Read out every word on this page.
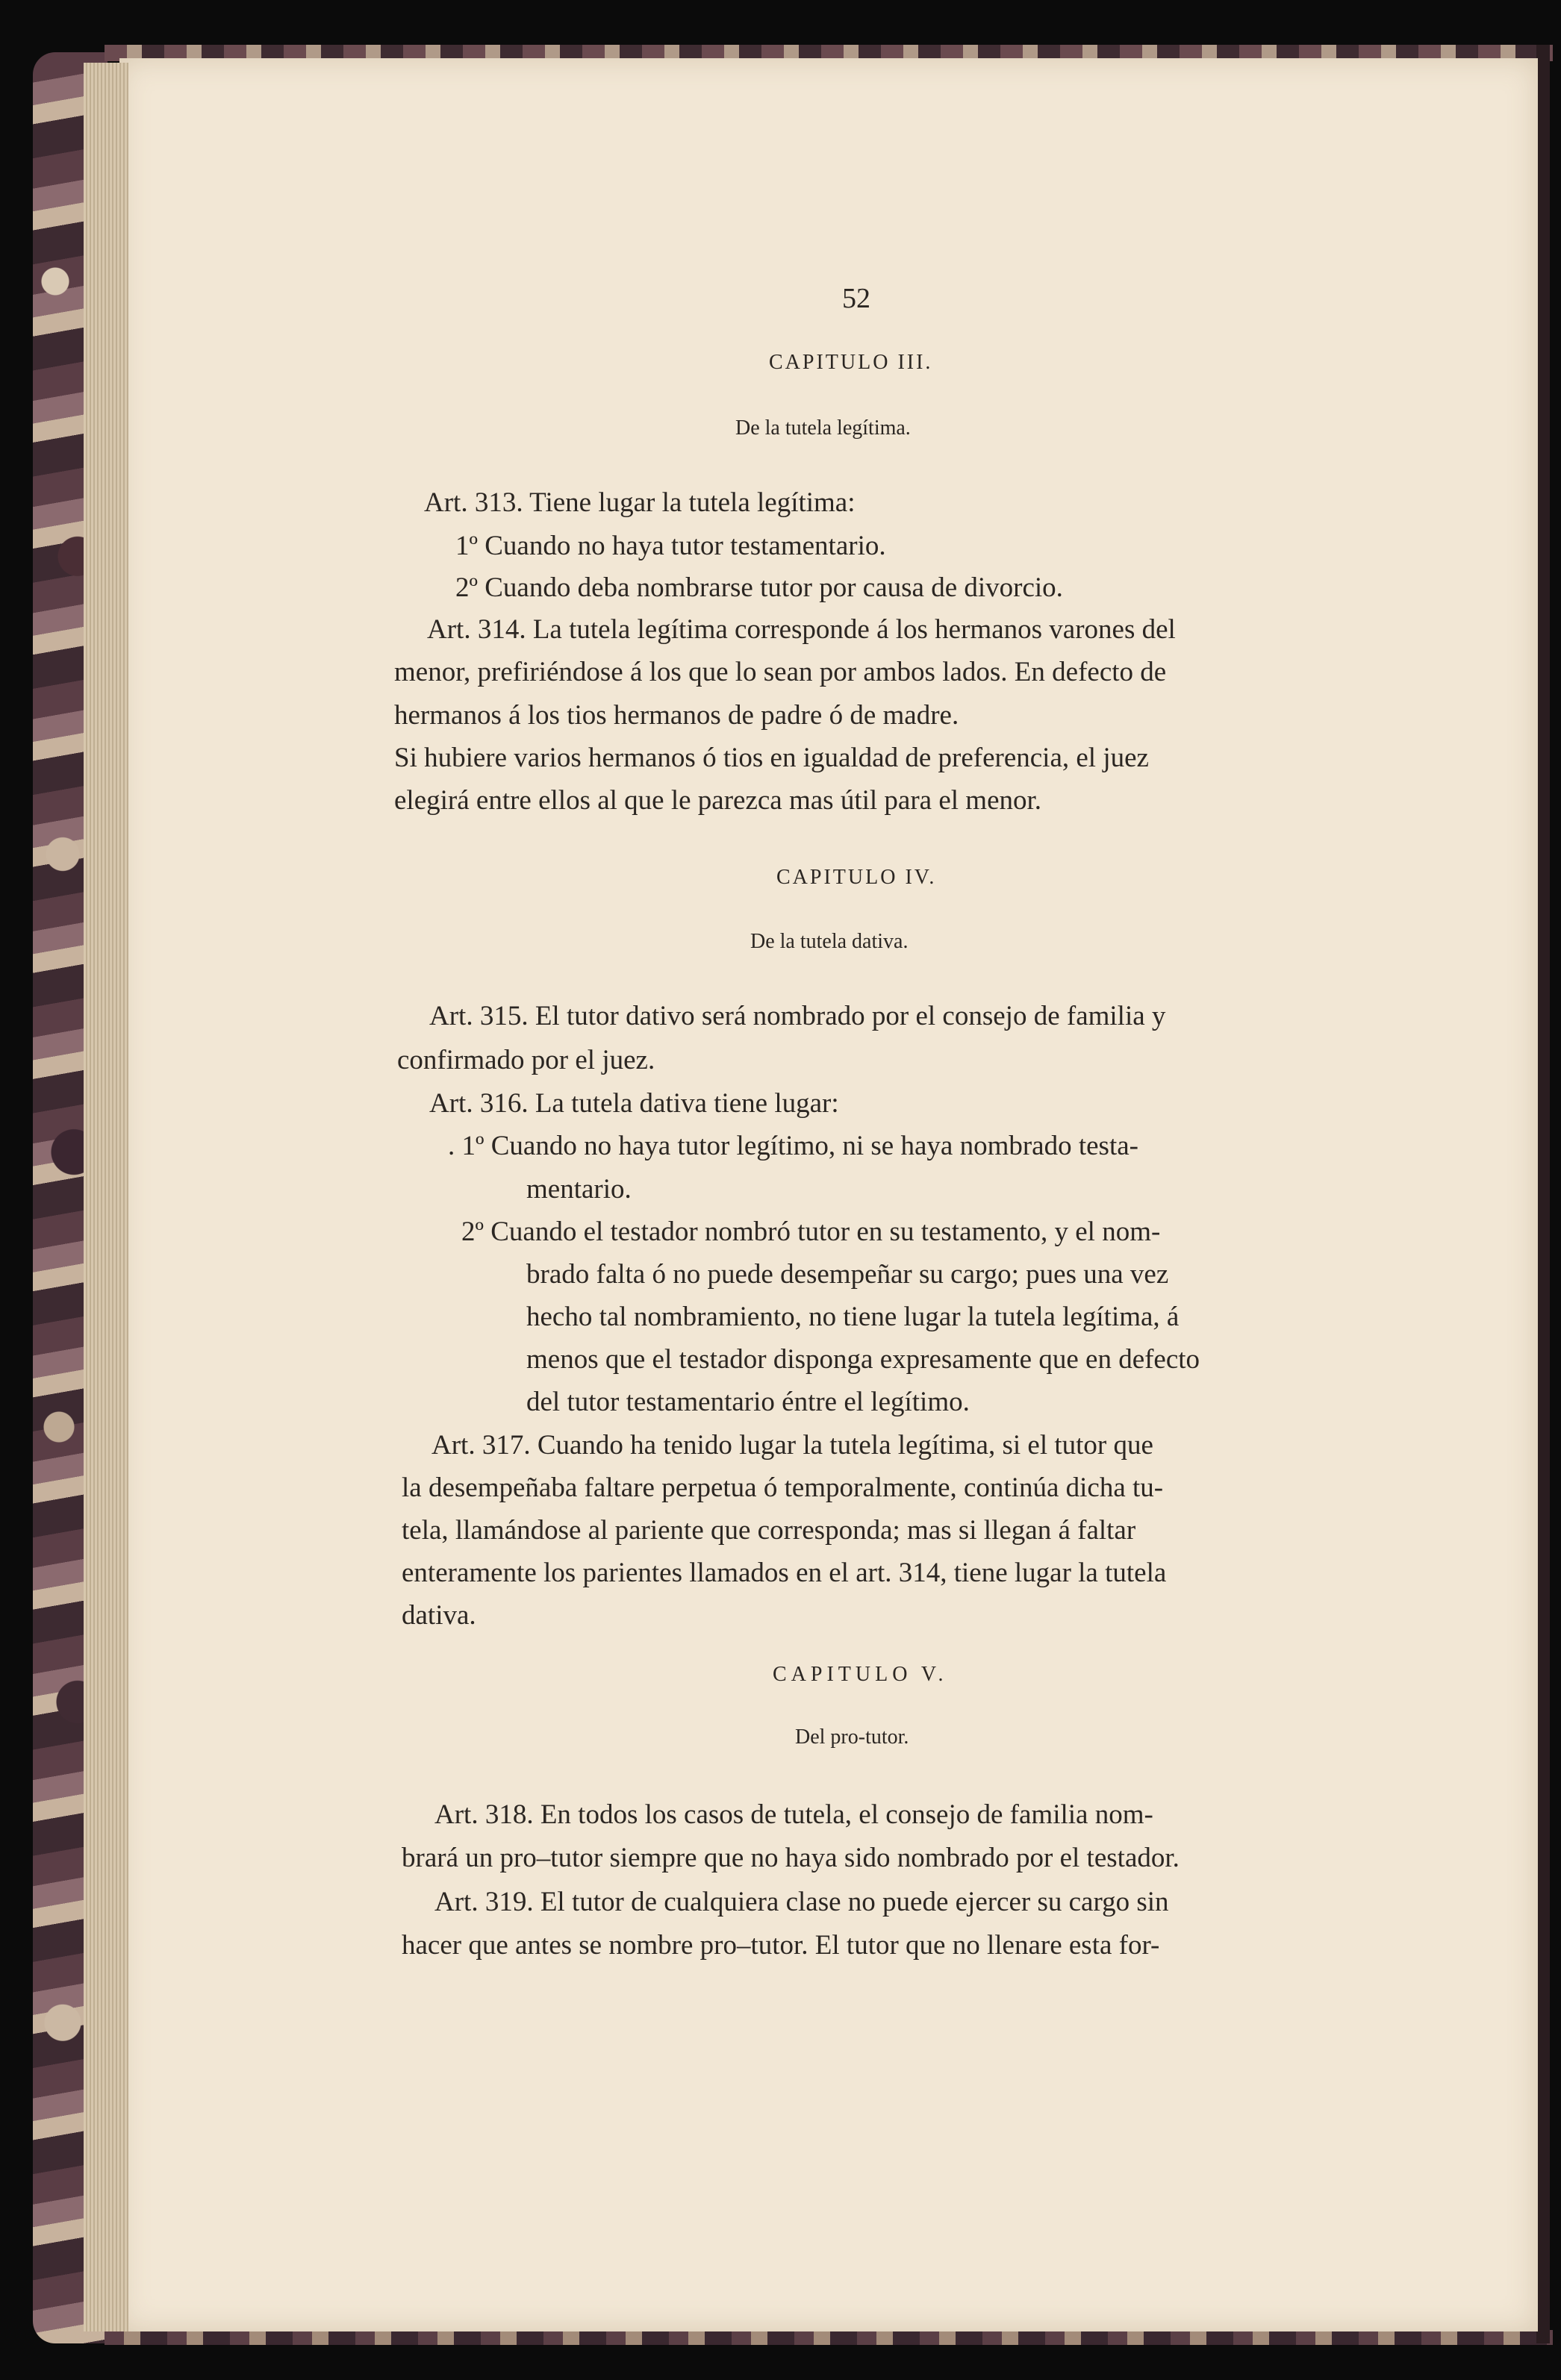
52
CAPITULO III.
De la tutela legítima.
CAPITULO IV.
De la tutela dativa.
CAPITULO V.
Del pro-tutor.
Art. 313. Tiene lugar la tutela legítima:
1º Cuando no haya tutor testamentario.
2º Cuando deba nombrarse tutor por causa de divorcio.
Art. 314. La tutela legítima corresponde á los hermanos varones del
menor, prefiriéndose á los que lo sean por ambos lados. En defecto de
hermanos á los tios hermanos de padre ó de madre.
Si hubiere varios hermanos ó tios en igualdad de preferencia, el juez
elegirá entre ellos al que le parezca mas útil para el menor.
Art. 315. El tutor dativo será nombrado por el consejo de familia y
confirmado por el juez.
Art. 316. La tutela dativa tiene lugar:
. 1º Cuando no haya tutor legítimo, ni se haya nombrado testa-
mentario.
2º Cuando el testador nombró tutor en su testamento, y el nom-
brado falta ó no puede desempeñar su cargo; pues una vez
hecho tal nombramiento, no tiene lugar la tutela legítima, á
menos que el testador disponga expresamente que en defecto
del tutor testamentario éntre el legítimo.
Art. 317. Cuando ha tenido lugar la tutela legítima, si el tutor que
la desempeñaba faltare perpetua ó temporalmente, continúa dicha tu-
tela, llamándose al pariente que corresponda; mas si llegan á faltar
enteramente los parientes llamados en el art. 314, tiene lugar la tutela
dativa.
Art. 318. En todos los casos de tutela, el consejo de familia nom-
brará un pro–tutor siempre que no haya sido nombrado por el testador.
Art. 319. El tutor de cualquiera clase no puede ejercer su cargo sin
hacer que antes se nombre pro–tutor. El tutor que no llenare esta for-
